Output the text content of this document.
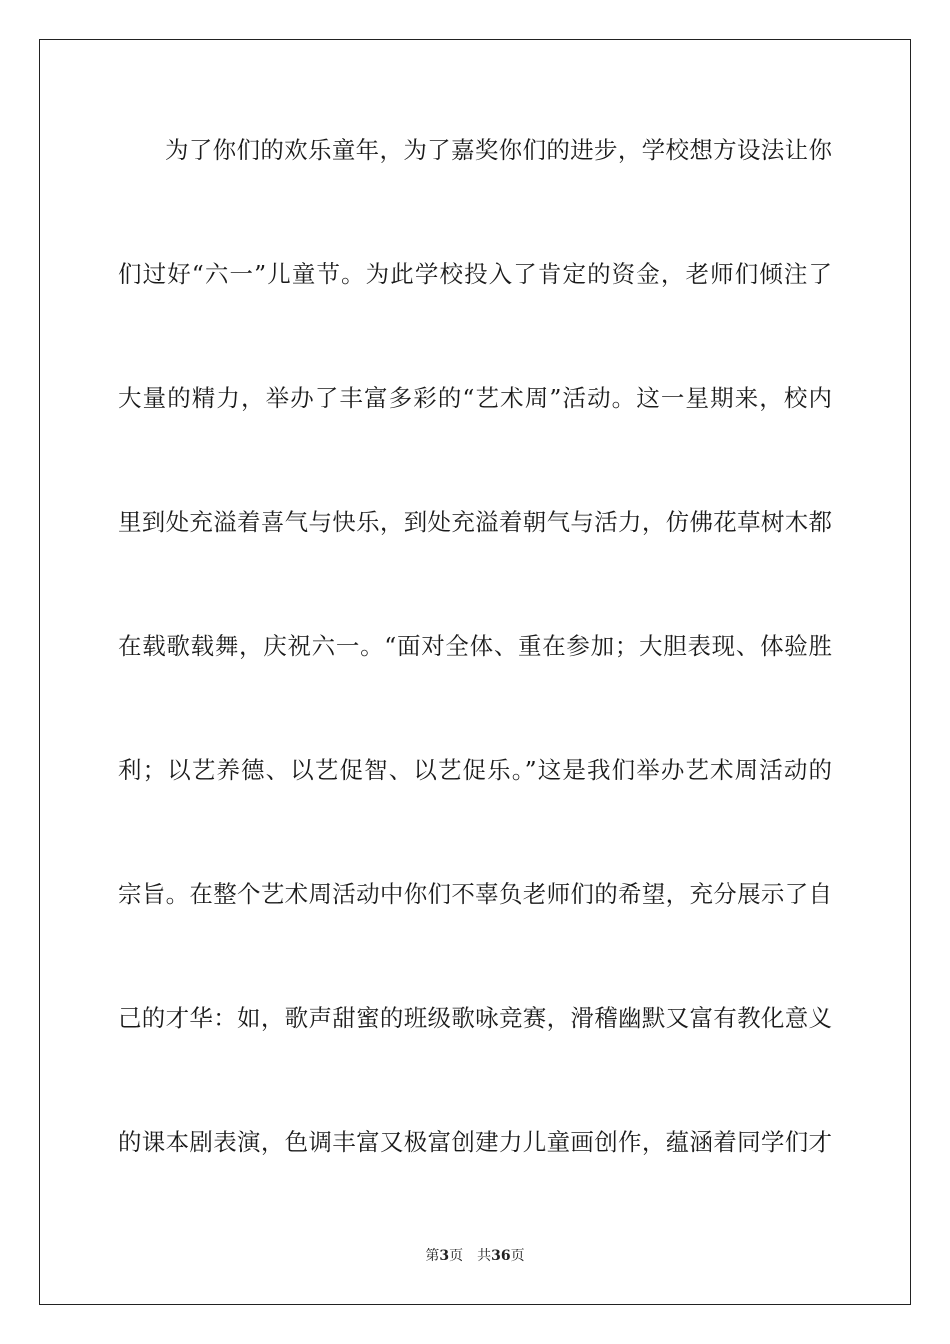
为了你们的欢乐童年，为了嘉奖你们的进步，学校想方设法让你
们过好“六一”儿童节。为此学校投入了肯定的资金，老师们倾注了
大量的精力，举办了丰富多彩的“艺术周”活动。这一星期来，校内
里到处充溢着喜气与快乐，到处充溢着朝气与活力，仿佛花草树木都
在载歌载舞，庆祝六一。“面对全体、重在参加；大胆表现、体验胜
利；以艺养德、以艺促智、以艺促乐。”这是我们举办艺术周活动的
宗旨。在整个艺术周活动中你们不辜负老师们的希望，充分展示了自
己的才华：如，歌声甜蜜的班级歌咏竞赛，滑稽幽默又富有教化意义
的课本剧表演，色调丰富又极富创建力儿童画创作，蕴涵着同学们才
第3页 共36页
